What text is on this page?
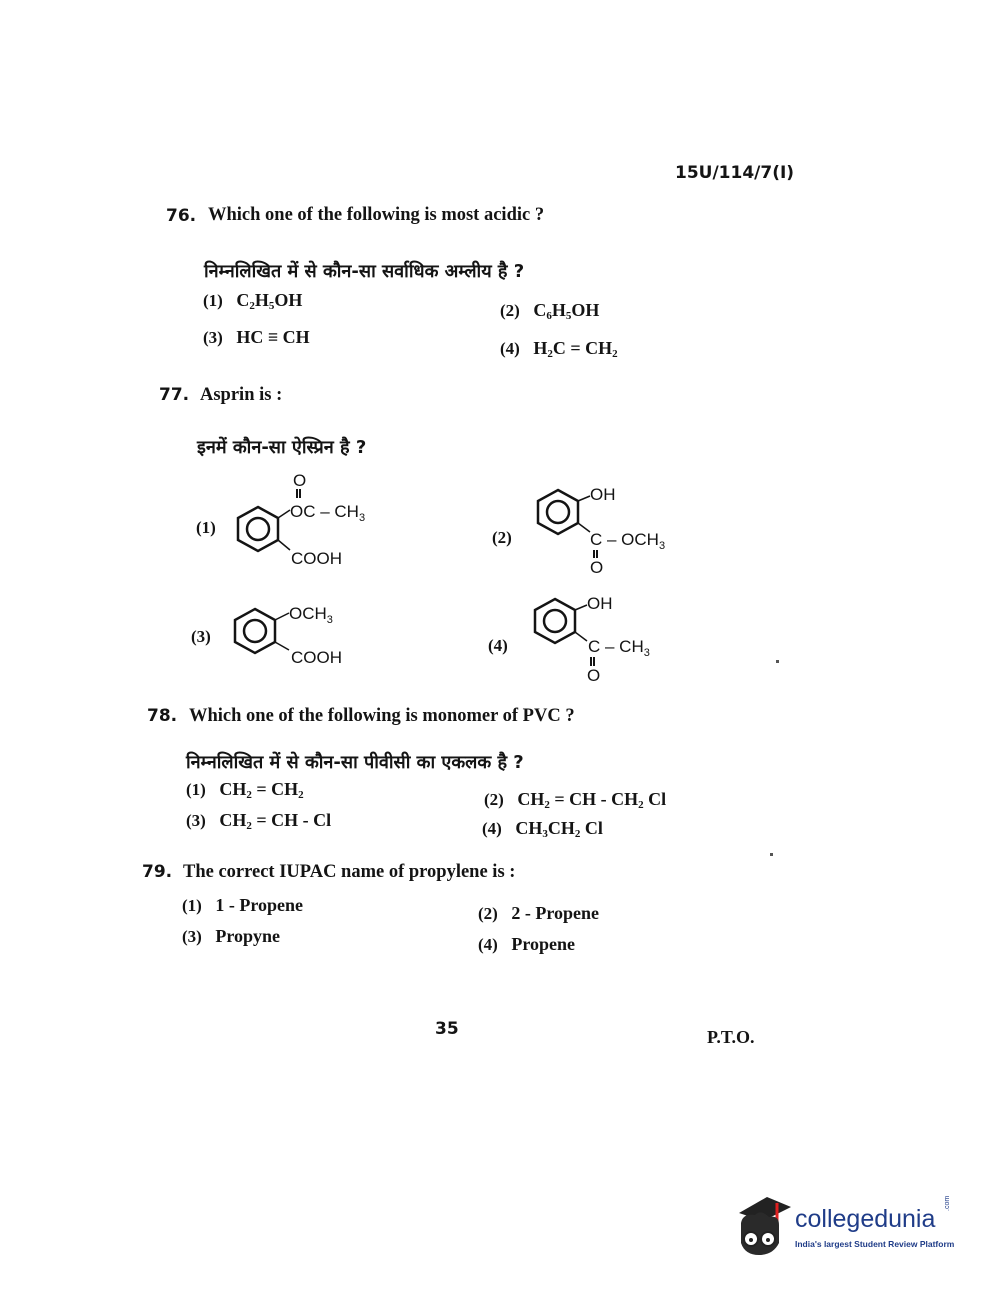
15U/114/7(I)
76. Which one of the following is most acidic ?
निम्नलिखित में से कौन-सा सर्वाधिक अम्लीय है ?
(1) $C_2H_5OH$
(2) $C_6H_5OH$
(3) HC ≡ CH
(4) $H_2C = CH_2$
77. Asprin is :
इनमें कौन-सा ऐस्प्रिन है ?
(1)
O
OC – $CH_3$
COOH
(2)
OH
C – $OCH_3$
O
(3)
$OCH_3$
COOH
(4)
OH
C – $CH_3$
O
78. Which one of the following is monomer of PVC ?
निम्नलिखित में से कौन-सा पीवीसी का एकलक है ?
(1) $CH_2 = CH_2$	(2) $CH_2$ = CH - $CH_2$ Cl
(3) $CH_2$ = CH - Cl	(4) $CH_3CH_2$ Cl
79. The correct IUPAC name of propylene is :
(1) 1 - Propene	(2) 2 - Propene
(3) Propyne	(4) Propene
35	P.T.O.
collegedunia
.com
India's largest Student Review Platform
